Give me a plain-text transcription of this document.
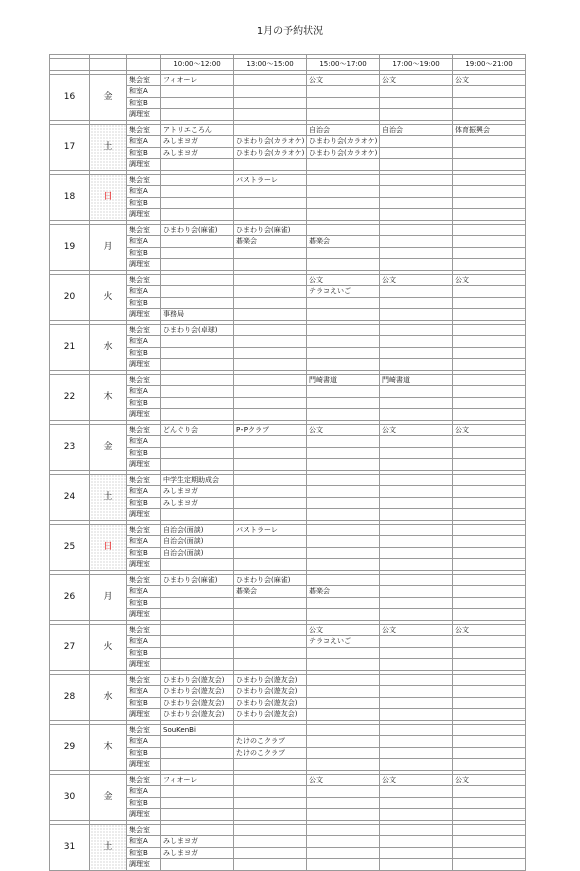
1月の予約状況

			10:00～12:00	13:00～15:00	15:00～17:00	17:00～19:00	19:00～21:00

16	金	集会室	フィオーレ		公文	公文	公文
		和室A					
		和室B					
		調理室					

17	土	集会室	アトリエころん		自治会	自治会	体育振興会
		和室A	みしまヨガ	ひまわり会(カラオケ)	ひまわり会(カラオケ)		
		和室B	みしまヨガ	ひまわり会(カラオケ)	ひまわり会(カラオケ)		
		調理室					

18	日	集会室		パストラーレ			
		和室A					
		和室B					
		調理室					

19	月	集会室	ひまわり会(麻雀)	ひまわり会(麻雀)			
		和室A		碁楽会	碁楽会		
		和室B					
		調理室					

20	火	集会室			公文	公文	公文
		和室A			テラコえいご		
		和室B					
		調理室	事務局				

21	水	集会室	ひまわり会(卓球)				
		和室A					
		和室B					
		調理室					

22	木	集会室			門崎書道	門崎書道	
		和室A					
		和室B					
		調理室					

23	金	集会室	どんぐり会	P･Pクラブ	公文	公文	公文
		和室A					
		和室B					
		調理室					

24	土	集会室	中学生定期助成会				
		和室A	みしまヨガ				
		和室B	みしまヨガ				
		調理室					

25	日	集会室	自治会(面談)	パストラーレ			
		和室A	自治会(面談)				
		和室B	自治会(面談)				
		調理室					

26	月	集会室	ひまわり会(麻雀)	ひまわり会(麻雀)			
		和室A		碁楽会	碁楽会		
		和室B					
		調理室					

27	火	集会室			公文	公文	公文
		和室A			テラコえいご		
		和室B					
		調理室					

28	水	集会室	ひまわり会(遊友会)	ひまわり会(遊友会)			
		和室A	ひまわり会(遊友会)	ひまわり会(遊友会)			
		和室B	ひまわり会(遊友会)	ひまわり会(遊友会)			
		調理室	ひまわり会(遊友会)	ひまわり会(遊友会)			

29	木	集会室	SouKenBi				
		和室A		たけのこクラブ			
		和室B		たけのこクラブ			
		調理室					

30	金	集会室	フィオーレ		公文	公文	公文
		和室A					
		和室B					
		調理室					

31	土	集会室					
		和室A	みしまヨガ				
		和室B	みしまヨガ				
		調理室					
